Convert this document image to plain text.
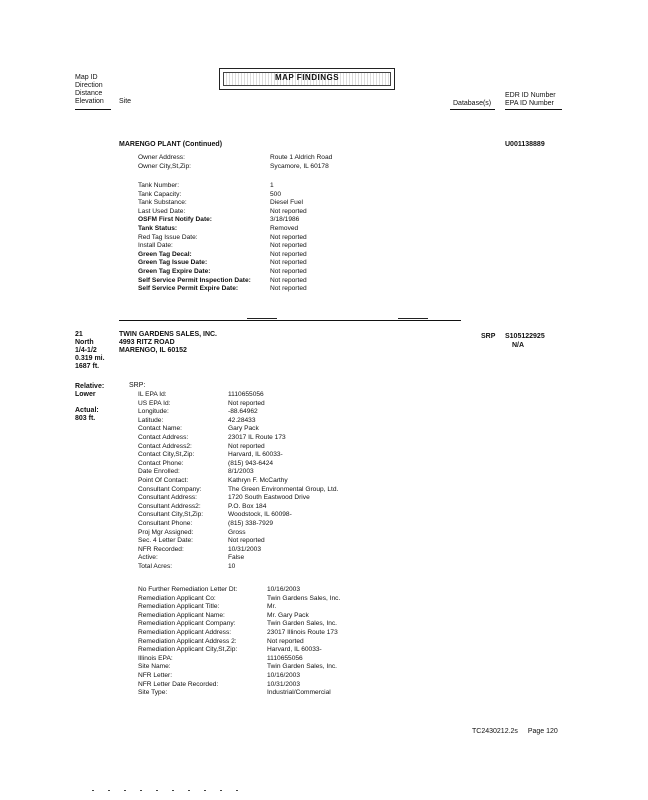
MAP FINDINGS
Map ID
Direction
Distance
Elevation Site	Database(s)
EDR ID Number
EPA ID Number
MARENGO PLANT (Continued)	U001138889
Owner Address:	Route 1 Aldrich Road
Owner City,St,Zip:	Sycamore, IL 60178
Tank Number:	1
Tank Capacity:	500
Tank Substance:	Diesel Fuel
Last Used Date:	Not reported
OSFM First Notify Date:	3/18/1986
Tank Status:	Removed
Red Tag Issue Date:	Not reported
Install Date:	Not reported
Green Tag Decal:	Not reported
Green Tag Issue Date:	Not reported
Green Tag Expire Date:	Not reported
Self Service Permit Inspection Date:	Not reported
Self Service Permit Expire Date:	Not reported
21
North
1/4-1/2
0.319 mi.
1687 ft.
TWIN GARDENS SALES, INC.
4993 RITZ ROAD
MARENGO, IL 60152
SRP S105122925
N/A
Relative:
Lower
Actual:
803 ft.
SRP:
IL EPA Id:	1110655056
US EPA Id:	Not reported
Longitude:	-88.64962
Latitude:	42.28433
Contact Name:	Gary Pack
Contact Address:	23017 IL Route 173
Contact Address2:	Not reported
Contact City,St,Zip:	Harvard, IL 60033-
Contact Phone:	(815) 943-6424
Date Enrolled:	8/1/2003
Point Of Contact:	Kathryn F. McCarthy
Consultant Company:	The Green Environmental Group, Ltd.
Consultant Address:	1720 South Eastwood Drive
Consultant Address2:	P.O. Box 184
Consultant City,St,Zip:	Woodstock, IL 60098-
Consultant Phone:	(815) 338-7929
Proj Mgr Assigned:	Gross
Sec. 4 Letter Date:	Not reported
NFR Recorded:	10/31/2003
Active:	False
Total Acres:	10
No Further Remediation Letter Dt:	10/16/2003
Remediation Applicant Co:	Twin Gardens Sales, Inc.
Remediation Applicant Title:	Mr.
Remediation Applicant Name:	Mr. Gary Pack
Remediation Applicant Company:	Twin Garden Sales, Inc.
Remediation Applicant Address:	23017 Illinois Route 173
Remediation Applicant Address 2:	Not reported
Remediation Applicant City,St,Zip:	Harvard, IL 60033-
Illinois EPA:	1110655056
Site Name:	Twin Garden Sales, Inc.
NFR Letter:	10/16/2003
NFR Letter Date Recorded:	10/31/2003
Site Type:	Industrial/Commercial
TC2430212.2s Page 120
